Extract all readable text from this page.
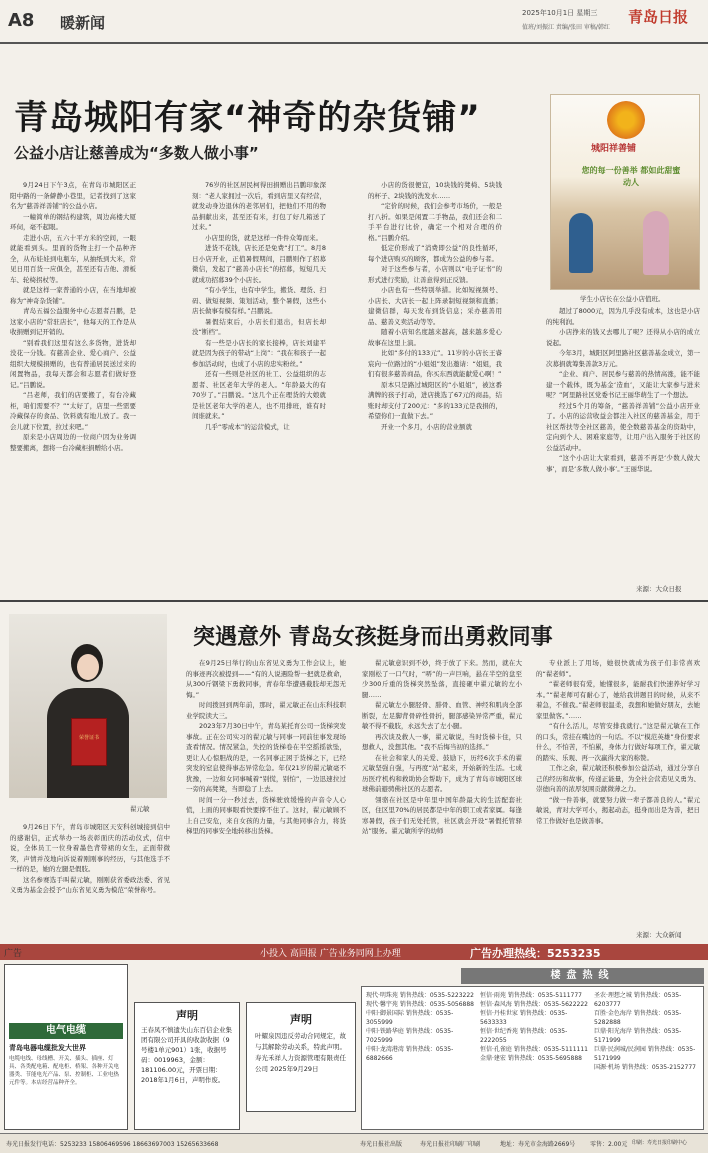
A8 暖新闻
2025年10月1日 星期三
值班/刘振江 责编/张田 审稿/韩红
青岛日报
青岛城阳有家“神奇的杂货铺”
公益小店让慈善成为“多数人做小事”	城阳祥善铺
您的每一份善举 都如此甜蜜动人
学生小店长在公益小店值班。

9月24日下午3点，在青岛市城阳区正阳中路的一条僻静小巷里，记者找到了这家名为“慈善祥善铺”的公益小店。

一幢简单的钢结构建筑，周边高楼大厦环伺，毫不起眼。

走进小店，五六十平方米的空间，一眼就能看到头。里面的货物主打一个品种齐全，从布娃娃到电瓶车，从抽纸到大米，常见日用百货一应俱全，甚至还有吉他、滑板车、轮椅拐杖等。

就是这样一家普通的小店，在当地却被称为“神奇杂货铺”。

青岛五福公益服务中心志愿者吕鹏，是这家小店的“常驻店长”，他每天的工作是从收捐赠到记开销的。

“别看我们这里有这么多货物，进货却没花一分钱。有慈善企业、爱心商户、公益组织大规模捐赠的，也有普通居民送过来的闲置物品，我每天都会和志愿者们做好登记。”吕鹏说。

“吕老师，我们的店要搬了，有台冷藏柜，咱们需要不？”“太好了，店里一些需要冷藏保存的食品、饮料就有地儿放了。我一会儿就下位置，拉过来吧。”

原来是小店周边的一位商户因为业务调整要搬离，想将一台冷藏柜捐赠给小店。

76岁的社区居民柯得田捐赠出吕鹏印象深刻：“老人家拥过一次后，看到店里又有经营，就发动身边退休的老邻居们，把他们不用的物品捐献出来，甚至还有米，打包了好几箱送了过来。”

小店里的货，就是这样一件件众筹而来。

进货不花钱，店长还是免费“打工”。8月8日小店开业，正值暑假期间，吕鹏则作了招募微信，发起了“慈善小店长”的招募，短短几天就成功招募39个小店长。

“有小学生，也有中学生，搬货、理货、扫码、做短视频、策划活动，整个暑假，这些小店长做事有模有样。”吕鹏说。

暑假结束后，小店长们退出，但店长却没“断档”。

有一些是小店长的家长接棒，店长刘建平就是因为孩子的带动“上岗”：“我在和孩子一起参加活动时，也成了小店的忠实粉丝。”

还有一些则是社区的社工、公益组织的志愿者、社区老年大学的老人。“年龄最大的有70岁了。”吕鹏说。“这几个正在理货的大娘就是社区老年大学的老人，也不用排班，谁有时间谁就来。”

几乎“零成本”的运营模式，让

小店的货很便宜，10块钱的凳椅、5块钱的杯子、2块钱的洗发水……

“定价的时候，我们会参考市场价，一般是打八折。如果是闲置二手物品，我们还会和二手平台进行比价，确定一个相对合理的价格。”吕鹏介绍。

低定价形成了“消费即公益”的良性循环，每个进店购买的顾客，都成为公益的参与者。

对于这些参与者，小店则以“电子证书”的形式进行奖励，让善意得到正反馈。

小店也有一些特别举措。比如短视频号、小店长、大店长一起上阵录制短视频和直播；建微信群，每天发布到货信息；采办慈善用品、慈善义卖活动等等。

随着小店知名度越来越高，越来越多爱心故事在这里上演。

比如“多付的133元”。11岁的小店长王睿宸向一位路过的“小姐姐”发出邀请：“姐姐，我们有很多慈善商品，你买东西就能献爱心啊！”

原本只是路过城阳区的“小姐姐”，被这番满牌的孩子打动，进店挑选了67元的商品，结账时却支付了200元：“多的133元是我捐的，希望你们一直做下去。”

开业一个多月，小店的营业额就

超过了8000元，因为几乎没有成本，这也是小店的纯利润。

小店挣来的钱又去哪儿了呢？还得从小店的成立说起。

今年3月，城阳区阿里路社区慈善基金成立，第一次募捐就筹集善款3万元。

“企业、商户、居民参与慈善的热情高涨，能不能建一个载体，既为基金‘造血’，又能让大家参与进来呢？”阿里路社区党委书记王丽华萌生了一个想法。

经过5个月的筹备，“慈善祥善铺”公益小店开业了。小店的运营收益会都注入社区的慈善基金，用于社区帮扶等全社区慈善，使全数慈善基金的资助中，定向到个人、困难家庭等，让用户出入服务于社区的公益活动中。

“这个小店让大家看到，慈善不再是‘少数人做大事’，而是‘多数人做小事’。”王丽华说。

来源：大众日报
荣誉证书
翟元敏
突遇意外 青岛女孩挺身而出勇救同事

9月26日下午，青岛市城阳区天安科创城接到信中的感谢信，正式举办一场表彰面庆的活动仪式，信中说，全体员工一位身着墨色背带裙的女生，正面带微笑，声情并茂地向诉说着刚刚事的经历，与其他选手不一样的是，她的左腿是假肢。

这名参赛选手叫翟元敏，刚刚获省委政法委、省见义勇为基金会授予“山东省见义勇为模范”荣誉称号。

在9月25日举行的山东省见义勇为工作会议上，她的事迹再次被提到——“有的人说遇险帮一把就是救命，从300斤钢梁下勇救同事，青春年华遭遇截肢却无怨无悔。”

时间拨回到两年前，那时，翟元敏正在山东科技职业学院读大三。

2023年7月30日中午，青岛某托育公司一货梯突发事故。正在公司实习的翟元敏与同事一同前往事发现场查看情况。情况紧急，失控的货梯卷在半空摇摇欲坠，更让人心惊胆战的是，一名同事正困于货梯之下，已经突发的窒息使得事态异常危急。年仅21岁的翟元敏毫不犹豫，一边和女同事喊着“别慌，别怕”，一边迅速拉过一旁的高凳凳，当即稳了上去。

时间一分一秒过去，货梯驶放缓慢的声音令人心慌，上面的同事眼看快要撑不住了。这时，翟元敏顾不上自己安危，来自女孩的力量，与其他同事合力，将货梯里的同事安全地转移出货梯。

翟元敏意识到不妙，终于放了下来。然而，就在大家刚松了一口气时，“哢”的一声巨响，悬在半空的盘至少300斤重的货梯突然坠落，直接砸中翟元敏的左小腿……

翟元敏左小腿胫骨、腓骨、血管、神经和肌肉全部断裂，左足脚背骨碎性骨折，腿部感染异常严重，翟元敏不得不截肢，永远失去了左小腿。

再次谈及救人一事，翟元敏说，当时货梯卡住，只想救人，没想其他。“我不后悔当初的选择。”

在社会和家人的关爱、鼓励下，历经6次手术的翟元敏坚强自强，与再度“站”起来，开始新的生活。七成历医疗机构和救助协会帮助下，成为了青岛市城阳区球球佛前避骋佛社区的志愿者。

翎骆在社区是中年里中国年龄最大的生活配套社区，住区里70%的居民都是中年的职工或者家属。每逢寒暑假，孩子们无处托管，社区就会开设“暑假托管驿站”服务。翟元敏所学的幼师

专业派上了用场，她很快就成为孩子们非常喜欢的“翟老师”。

“翟老师很有爱，她懂很多，能耐我们快速养好学习本。”“翟老师可有耐心了，她给我讲题目的时候，从来不着急，不催我。”翟老师很温柔，我想和她做好朋友，去她家里做客。”……

“有什么活儿，尽管安排我就行。”这是翟元敏在工作的口头，常挂在嘴边的一句话。不以“模范英雄”身份要求什么，不怕苦，不怕累，身体力行做好每项工作，翟元敏的踏实、乐观、再一次赢得大家的称赞。

工作之余，翟元敏还积极参加公益活动，通过分享自己的经历和故事，传递正能量，为全社会营造见义勇为、崇德向善的浓厚氛围贡献微薄之力。

“做一件善事，就要努力做一辈子都善良的人。”翟元敏说，青对大学可小，揭起动态，挺身而出是为善，把日常工作做好也是做善事。

来源：大众新闻
广告	小投入 高回报 广告业务同网上办理	广告办理热线：5253235
电气电缆
青岛电器电缆批发大世界
电缆电线、母线槽、开关、插头、插座、灯具、各类配电箱、配电柜、桥架、各种开关电器类、节能电光产品、泵、控制柜、工业电热元件等。本店经营品种齐全。
声明
王春凤不慎遗失山东百信企业集团有限公司开具的收款收据（9号楼1单元901）1张，收据号码：0019963，金额：181106.00元，开票日期：2018年1月6日，声明作废。
声明
叶耀泉因违反劳动合同规定，故与其解除劳动关系，特此声明。寿光禾祥人力资源管理有限责任公司 2025年9月29日
楼盘热线
现代·明珠苑 销售热线：0535-5223222
现代·馨宇苑 销售热线：0535-5056888
中阳·御景国际 销售热线：0535-3055999
中阳·铁路华庭 销售热线：0535-7025999
中阳·龙湾港湾 销售热线：0535-6882666
恒信·雨苑 销售热线：0535-5111777
恒信·森风海 销售热线：0535-5622222
恒信·丹桂世家 销售热线：0535-5633333
恒信·世纪香苑 销售热线：0535-2222055
恒信·孔雀庭 销售热线：0535-5111111
金鼎·建宏 销售热线：0535-5695888
圣农·理想之城 销售热线：0535-6203777
百胜·金色海岸 销售热线：0535-5282888
巨鼎·阳光海岸 销售热线：0535-5171999
巨鼎·民润城/民润园 销售热线：0535-5171999
国源·机场 销售热线：0535-2152777
寿光日报发行电话：5253233 15806469596 18663697003 15265633668	寿光日报社出版	寿光日报社印刷厂印刷	地址：寿光市金海路2669号 零售：2.00元 印刷：寿光日报印刷中心
